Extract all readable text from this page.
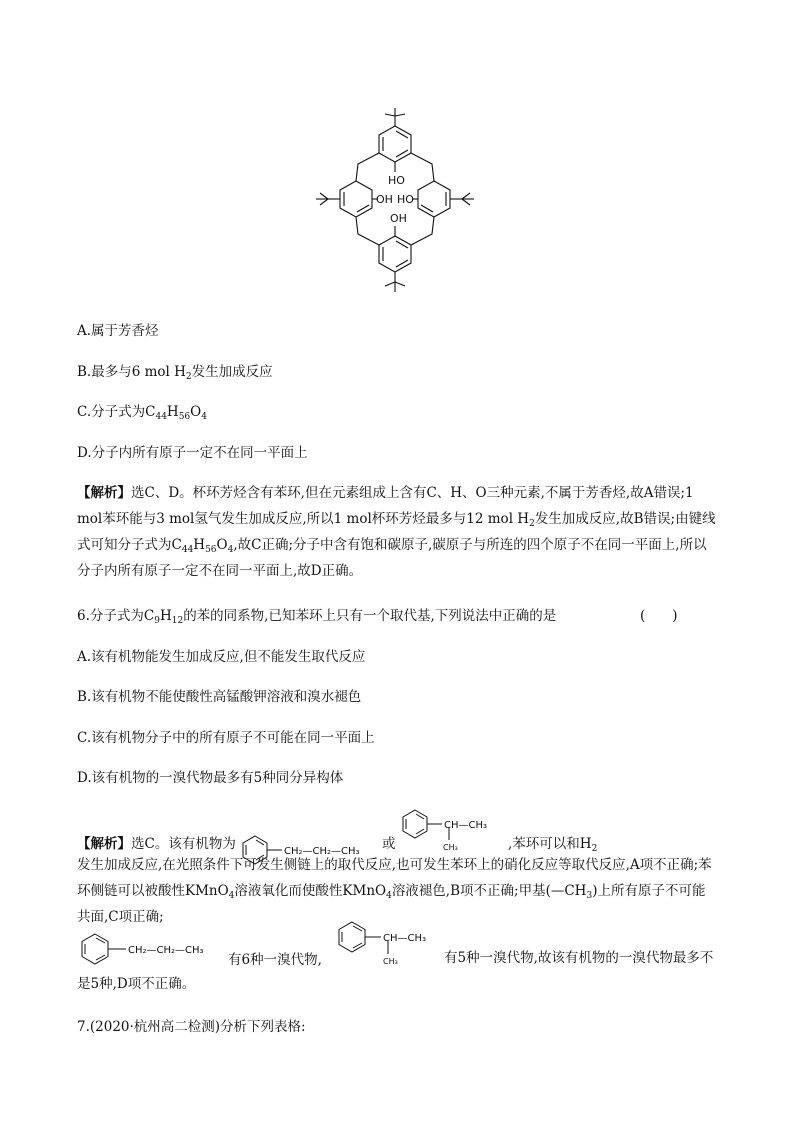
HO
OH HO
OH
A.属于芳香烃
B.最多与6 mol $H_2$发生加成反应
C.分子式为$C_{44}H_{56}O_4$
D.分子内所有原子一定不在同一平面上
【解析】选C、D。杯环芳烃含有苯环,但在元素组成上含有C、H、O三种元素,不属于芳香烃,故A错误;1 mol苯环能与3 mol氢气发生加成反应,所以1 mol杯环芳烃最多与12 mol $H_2$发生加成反应,故B错误;由键线式可知分子式为$C_{44}H_{56}O_4$,故C正确;分子中含有饱和碳原子,碳原子与所连的四个原子不在同一平面上,所以分子内所有原子一定不在同一平面上,故D正确。
6.分子式为$C_9H_{12}$的苯的同系物,已知苯环上只有一个取代基,下列说法中正确的是	(　　)
A.该有机物能发生加成反应,但不能发生取代反应
B.该有机物不能使酸性高锰酸钾溶液和溴水褪色
C.该有机物分子中的所有原子不可能在同一平面上
D.该有机物的一溴代物最多有5种同分异构体
【解析】选C。该有机物为	CH₂—CH₂—CH₃ 或
CH—CH₃
CH₃	,苯环可以和$H_2$
发生加成反应,在光照条件下可发生侧链上的取代反应,也可发生苯环上的硝化反应等取代反应,A项不正确;苯环侧链可以被酸性KMnO$_4$溶液氧化而使酸性KMnO$_4$溶液褪色,B项不正确;甲基$(—CH_3)$上所有原子不可能共面,C项正确;
CH₂—CH₂—CH₃
有6种一溴代物,
CH—CH₃
CH₃	有5种一溴代物,故该有机物的一溴代物最多不是5种,D项不正确。
7.(2020·杭州高二检测)分析下列表格:
